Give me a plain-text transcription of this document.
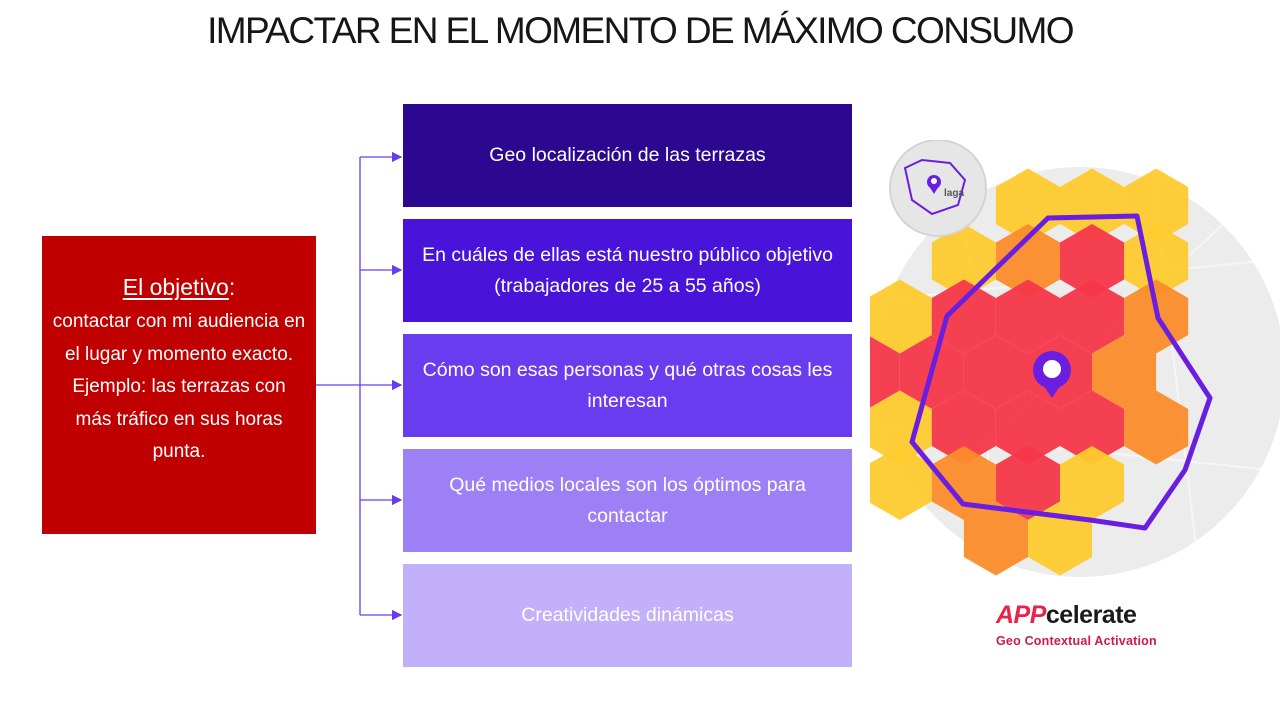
IMPACTAR EN EL MOMENTO DE MÁXIMO CONSUMO
El objetivo:
contactar con mi audiencia en el lugar y momento exacto. Ejemplo: las terrazas con más tráfico en sus horas punta.
Geo localización de las terrazas
En cuáles de ellas está nuestro público objetivo (trabajadores de 25 a 55 años)
Cómo son esas personas y qué otras cosas les interesan
Qué medios locales son los óptimos para contactar
Creatividades dinámicas
laga
APPcelerate
Geo Contextual Activation
